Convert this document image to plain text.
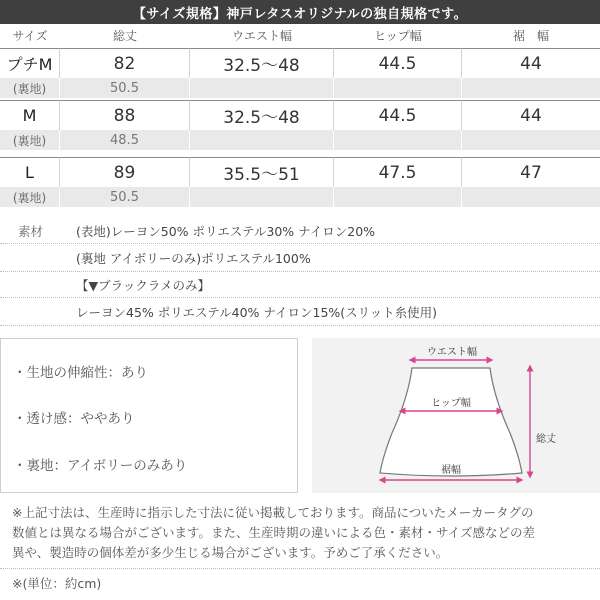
【サイズ規格】神戸レタスオリジナルの独自規格です。
サイズ	総丈	ウエスト幅	ヒップ幅	裾　幅
プチM	82	32.5〜48	44.5	44
(裏地)	50.5
M	88	32.5〜48	44.5	44
(裏地)	48.5
L	89	35.5〜51	47.5	47
(裏地)	50.5
素材	(表地)レーヨン50% ポリエステル30% ナイロン20%
(裏地 アイボリーのみ)ポリエステル100%
【▼ブラックラメのみ】
レーヨン45% ポリエステル40% ナイロン15%(スリット糸使用)
・生地の伸縮性：あり
・透け感：ややあり
・裏地：アイボリーのみあり
ウエスト幅
ヒップ幅
裾幅
総丈
※上記寸法は、生産時に指示した寸法に従い掲載しております。商品についたメーカータグの
数値とは異なる場合がございます。また、生産時期の違いによる色・素材・サイズ感などの差
異や、製造時の個体差が多少生じる場合がございます。予めご了承ください。
※(単位：約cm)
